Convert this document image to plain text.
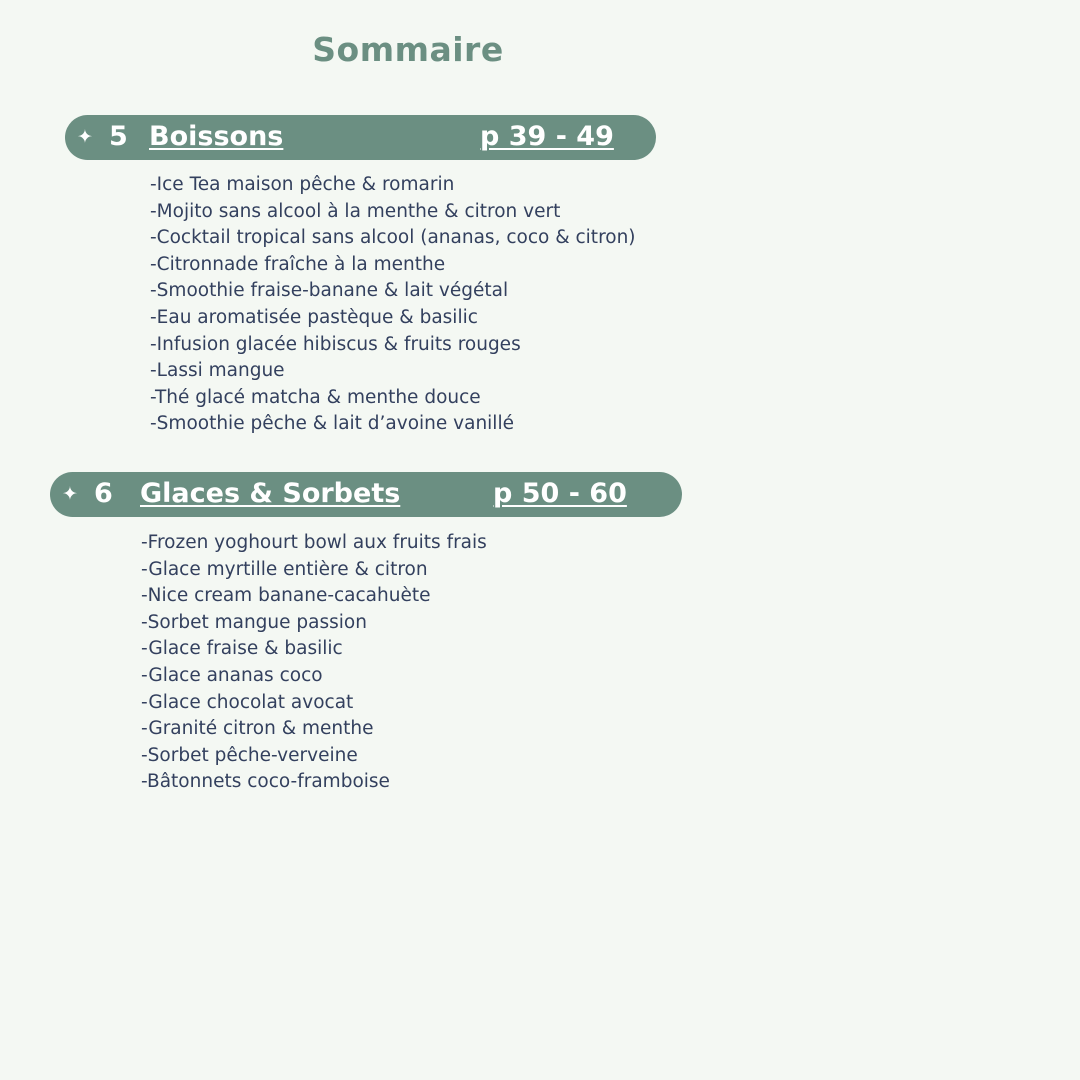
Sommaire
✦ 5 Boissons	p 39 - 49
-Ice Tea maison pêche & romarin
-Mojito sans alcool à la menthe & citron vert
-Cocktail tropical sans alcool (ananas, coco & citron)
-Citronnade fraîche à la menthe
-Smoothie fraise-banane & lait végétal
-Eau aromatisée pastèque & basilic
-Infusion glacée hibiscus & fruits rouges
-Lassi mangue
-Thé glacé matcha & menthe douce
-Smoothie pêche & lait d’avoine vanillé
✦ 6 Glaces & Sorbets	p 50 - 60
-Frozen yoghourt bowl aux fruits frais
-Glace myrtille entière & citron
-Nice cream banane-cacahuète
-Sorbet mangue passion
-Glace fraise & basilic
-Glace ananas coco
-Glace chocolat avocat
-Granité citron & menthe
-Sorbet pêche-verveine
-Bâtonnets coco-framboise
